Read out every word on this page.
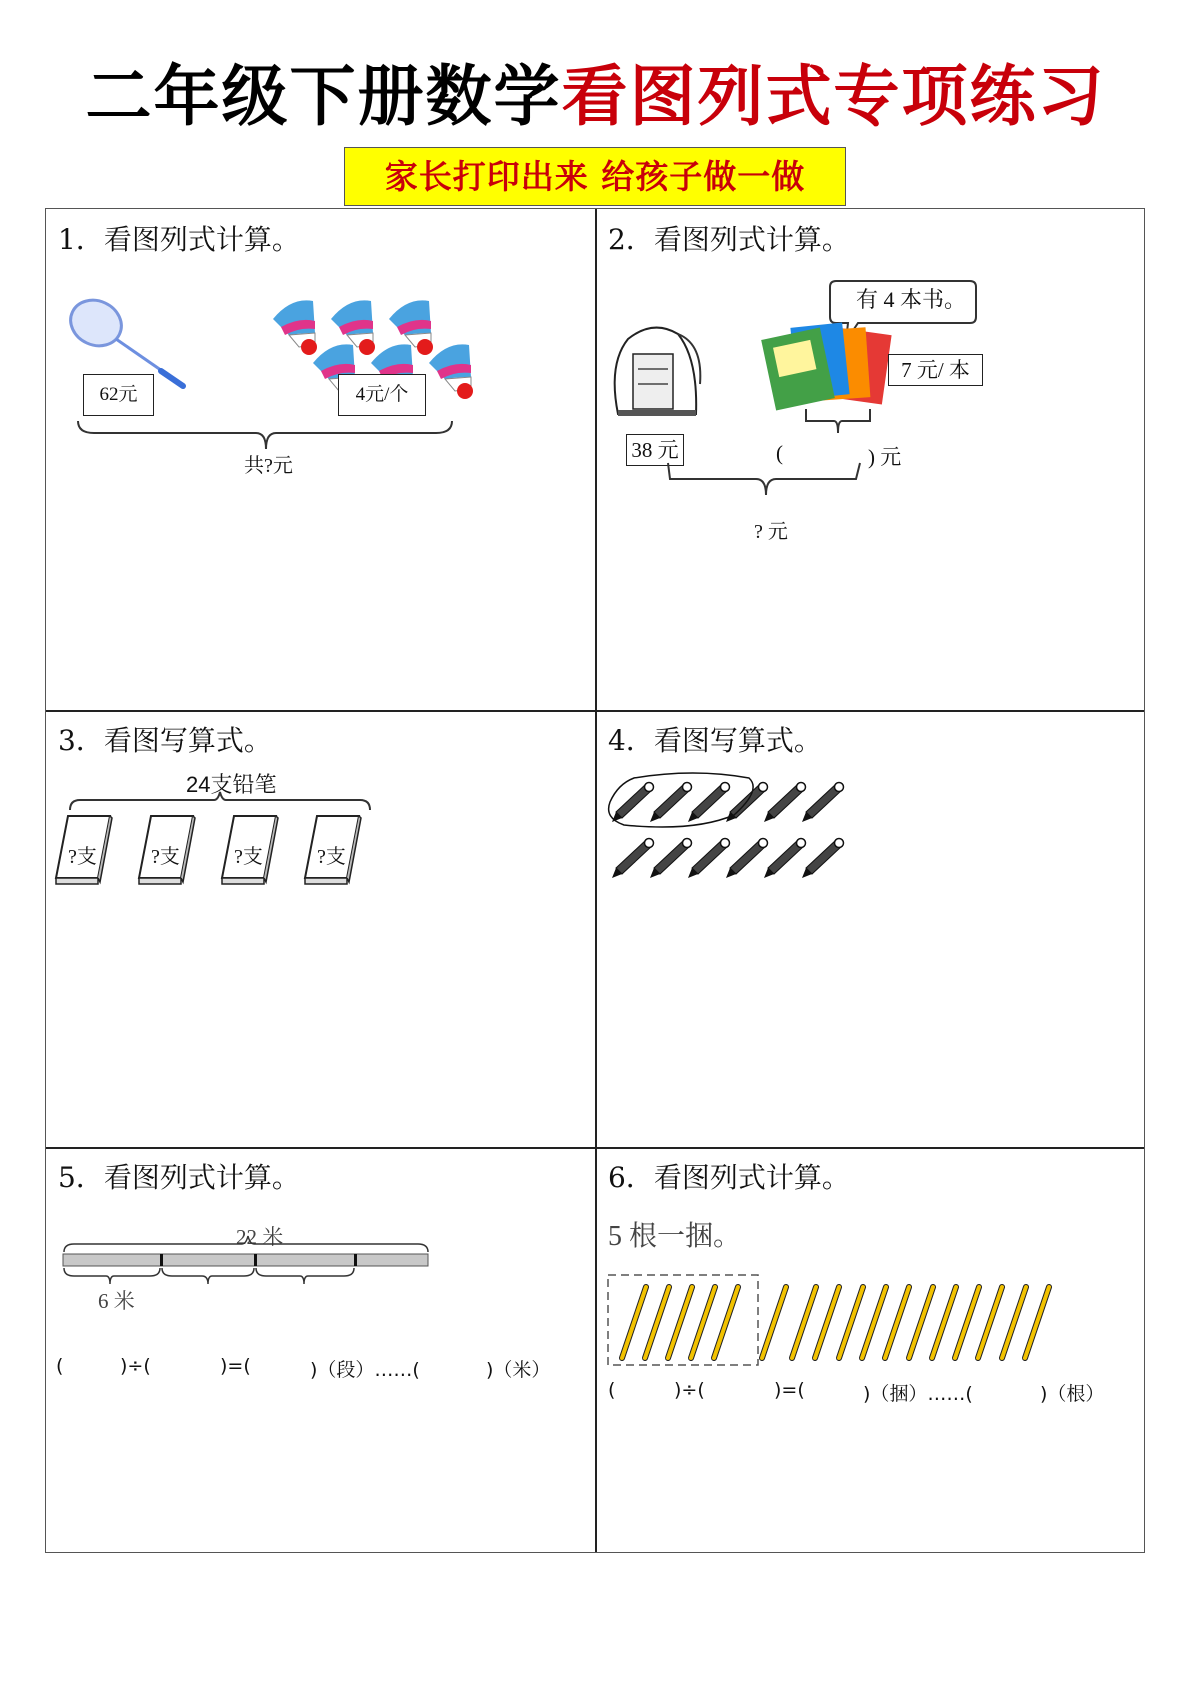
二年级下册数学看图列式专项练习
家长打印出来 给孩子做一做
1．看图列式计算。
62元	4元/个
共?元
2．看图列式计算。
有 4 本书。
7 元/ 本
38 元	(	) 元
? 元
3．看图写算式。
24支铅笔
?支	?支	?支	?支
4．看图写算式。
5．看图列式计算。
22 米
6 米
(	)÷(	)=(	)（段）……(	)（米）
6．看图列式计算。
5 根一捆。
(	)÷(	)=(	)（捆）……(	)（根）
